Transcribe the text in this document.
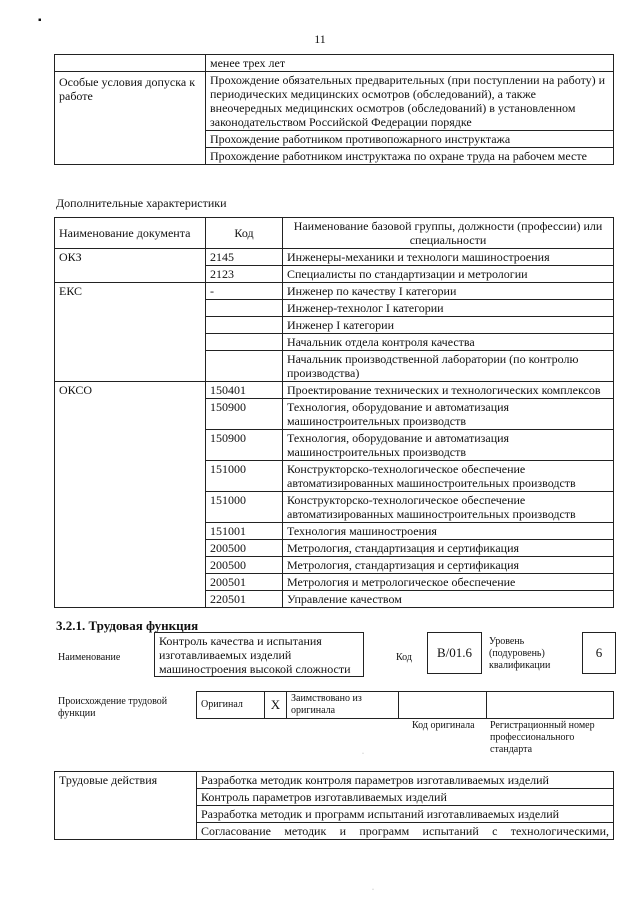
▪
11
	менее трех лет
Особые условия допуска к работе	Прохождение обязательных предварительных (при поступлении на работу) и периодических медицинских осмотров (обследований), а также внеочередных медицинских осмотров (обследований) в установленном законодательством Российской Федерации порядке
	Прохождение работником противопожарного инструктажа
	Прохождение работником инструктажа по охране труда на рабочем месте
Дополнительные характеристики
Наименование документа	Код	Наименование базовой группы, должности (профессии) или специальности
ОКЗ	2145	Инженеры-механики и технологи машиностроения
	2123	Специалисты по стандартизации и метрологии
ЕКС	-	Инженер по качеству I категории
		Инженер-технолог I категории
		Инженер I категории
		Начальник отдела контроля качества
		Начальник производственной лаборатории (по контролю производства)
ОКСО	150401	Проектирование технических и технологических комплексов
	150900	Технология, оборудование и автоматизация машиностроительных производств
	150900	Технология, оборудование и автоматизация машиностроительных производств
	151000	Конструкторско-технологическое обеспечение автоматизированных машиностроительных производств
	151000	Конструкторско-технологическое обеспечение автоматизированных машиностроительных производств
	151001	Технология машиностроения
	200500	Метрология, стандартизация и сертификация
	200500	Метрология, стандартизация и сертификация
	200501	Метрология и метрологическое обеспечение
	220501	Управление качеством
3.2.1. Трудовая функция
Наименование
Контроль качества и испытания изготавливаемых изделий машиностроения высокой сложности
Код	B/01.6
Уровень (подуровень) квалификации
6
Происхождение трудовой функции
Оригинал	X	Заимствовано из оригинала		
Код оригинала Регистрационный номер профессионального стандарта
·
Трудовые действия	Разработка методик контроля параметров изготавливаемых изделий
Контроль параметров изготавливаемых изделий
Разработка методик и программ испытаний изготавливаемых изделий
Согласование методик и программ испытаний с технологическими,
·
